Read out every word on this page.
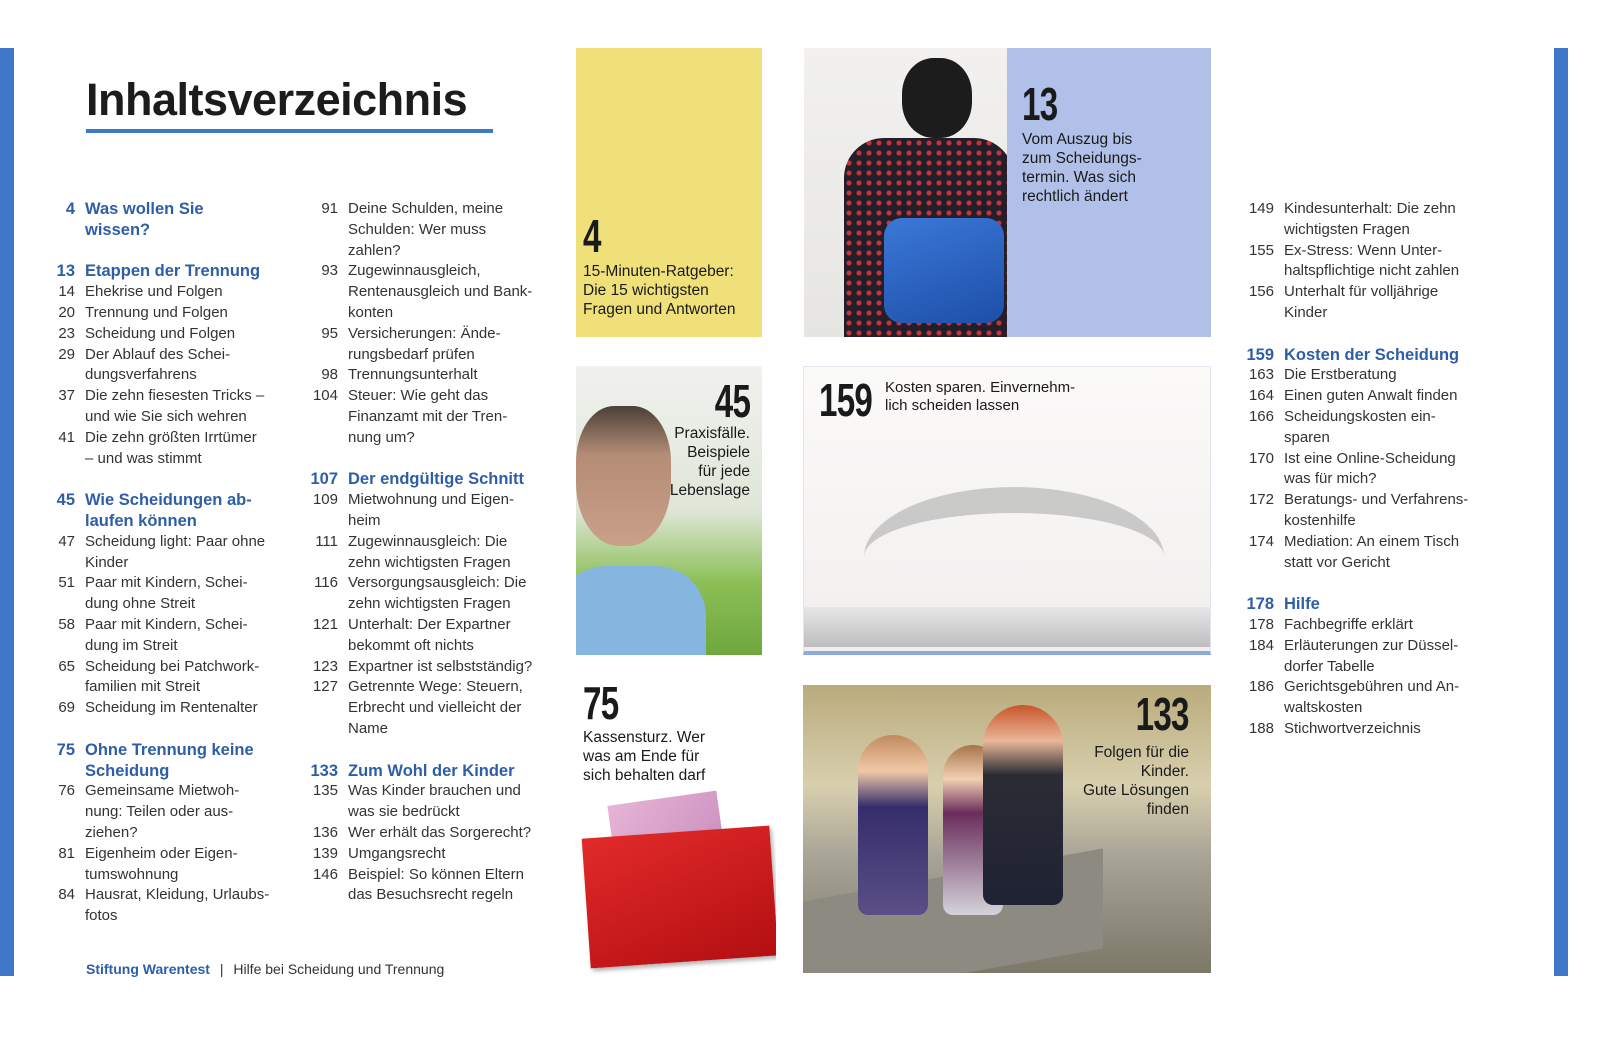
Inhaltsverzeichnis
4 Was wollen Sie
wissen?
13 Etappen der Trennung
14 Ehekrise und Folgen
20 Trennung und Folgen
23 Scheidung und Folgen
29 Der Ablauf des Schei-
dungsverfahrens
37 Die zehn fiesesten Tricks –
und wie Sie sich wehren
41 Die zehn größten Irrtümer
– und was stimmt
45 Wie Scheidungen ab-
laufen können
47 Scheidung light: Paar ohne
Kinder
51 Paar mit Kindern, Schei-
dung ohne Streit
58 Paar mit Kindern, Schei-
dung im Streit
65 Scheidung bei Patchwork-
familien mit Streit
69 Scheidung im Rentenalter
75 Ohne Trennung keine
Scheidung
76 Gemeinsame Mietwoh-
nung: Teilen oder aus-
ziehen?
81 Eigenheim oder Eigen-
tumswohnung
84 Hausrat, Kleidung, Urlaubs-
fotos
91 Deine Schulden, meine
Schulden: Wer muss
zahlen?
93 Zugewinnausgleich,
Rentenausgleich und Bank-
konten
95 Versicherungen: Ände-
rungsbedarf prüfen
98 Trennungsunterhalt
104 Steuer: Wie geht das
Finanzamt mit der Tren-
nung um?
107 Der endgültige Schnitt
109 Mietwohnung und Eigen-
heim
111 Zugewinnausgleich: Die
zehn wichtigsten Fragen
116 Versorgungsausgleich: Die
zehn wichtigsten Fragen
121 Unterhalt: Der Expartner
bekommt oft nichts
123 Expartner ist selbstständig?
127 Getrennte Wege: Steuern,
Erbrecht und vielleicht der
Name
133 Zum Wohl der Kinder
135 Was Kinder brauchen und
was sie bedrückt
136 Wer erhält das Sorgerecht?
139 Umgangsrecht
146 Beispiel: So können Eltern
das Besuchsrecht regeln
149 Kindesunterhalt: Die zehn
wichtigsten Fragen
155 Ex-Stress: Wenn Unter-
haltspflichtige nicht zahlen
156 Unterhalt für volljährige
Kinder
159 Kosten der Scheidung
163 Die Erstberatung
164 Einen guten Anwalt finden
166 Scheidungskosten ein-
sparen
170 Ist eine Online-Scheidung
was für mich?
172 Beratungs- und Verfahrens-
kostenhilfe
174 Mediation: An einem Tisch
statt vor Gericht
178 Hilfe
178 Fachbegriffe erklärt
184 Erläuterungen zur Düssel-
dorfer Tabelle
186 Gerichtsgebühren und An-
waltskosten
188 Stichwortverzeichnis
4
15-Minuten-Ratgeber:
Die 15 wichtigsten
Fragen und Antworten
13
Vom Auszug bis
zum Scheidungs-
termin. Was sich
rechtlich ändert
45
Praxisfälle.
Beispiele
für jede
Lebenslage
159 Kosten sparen. Einvernehm-
lich scheiden lassen
75
Kassensturz. Wer
was am Ende für
sich behalten darf
133
Folgen für die
Kinder.
Gute Lösungen
finden
Stiftung Warentest | Hilfe bei Scheidung und Trennung
